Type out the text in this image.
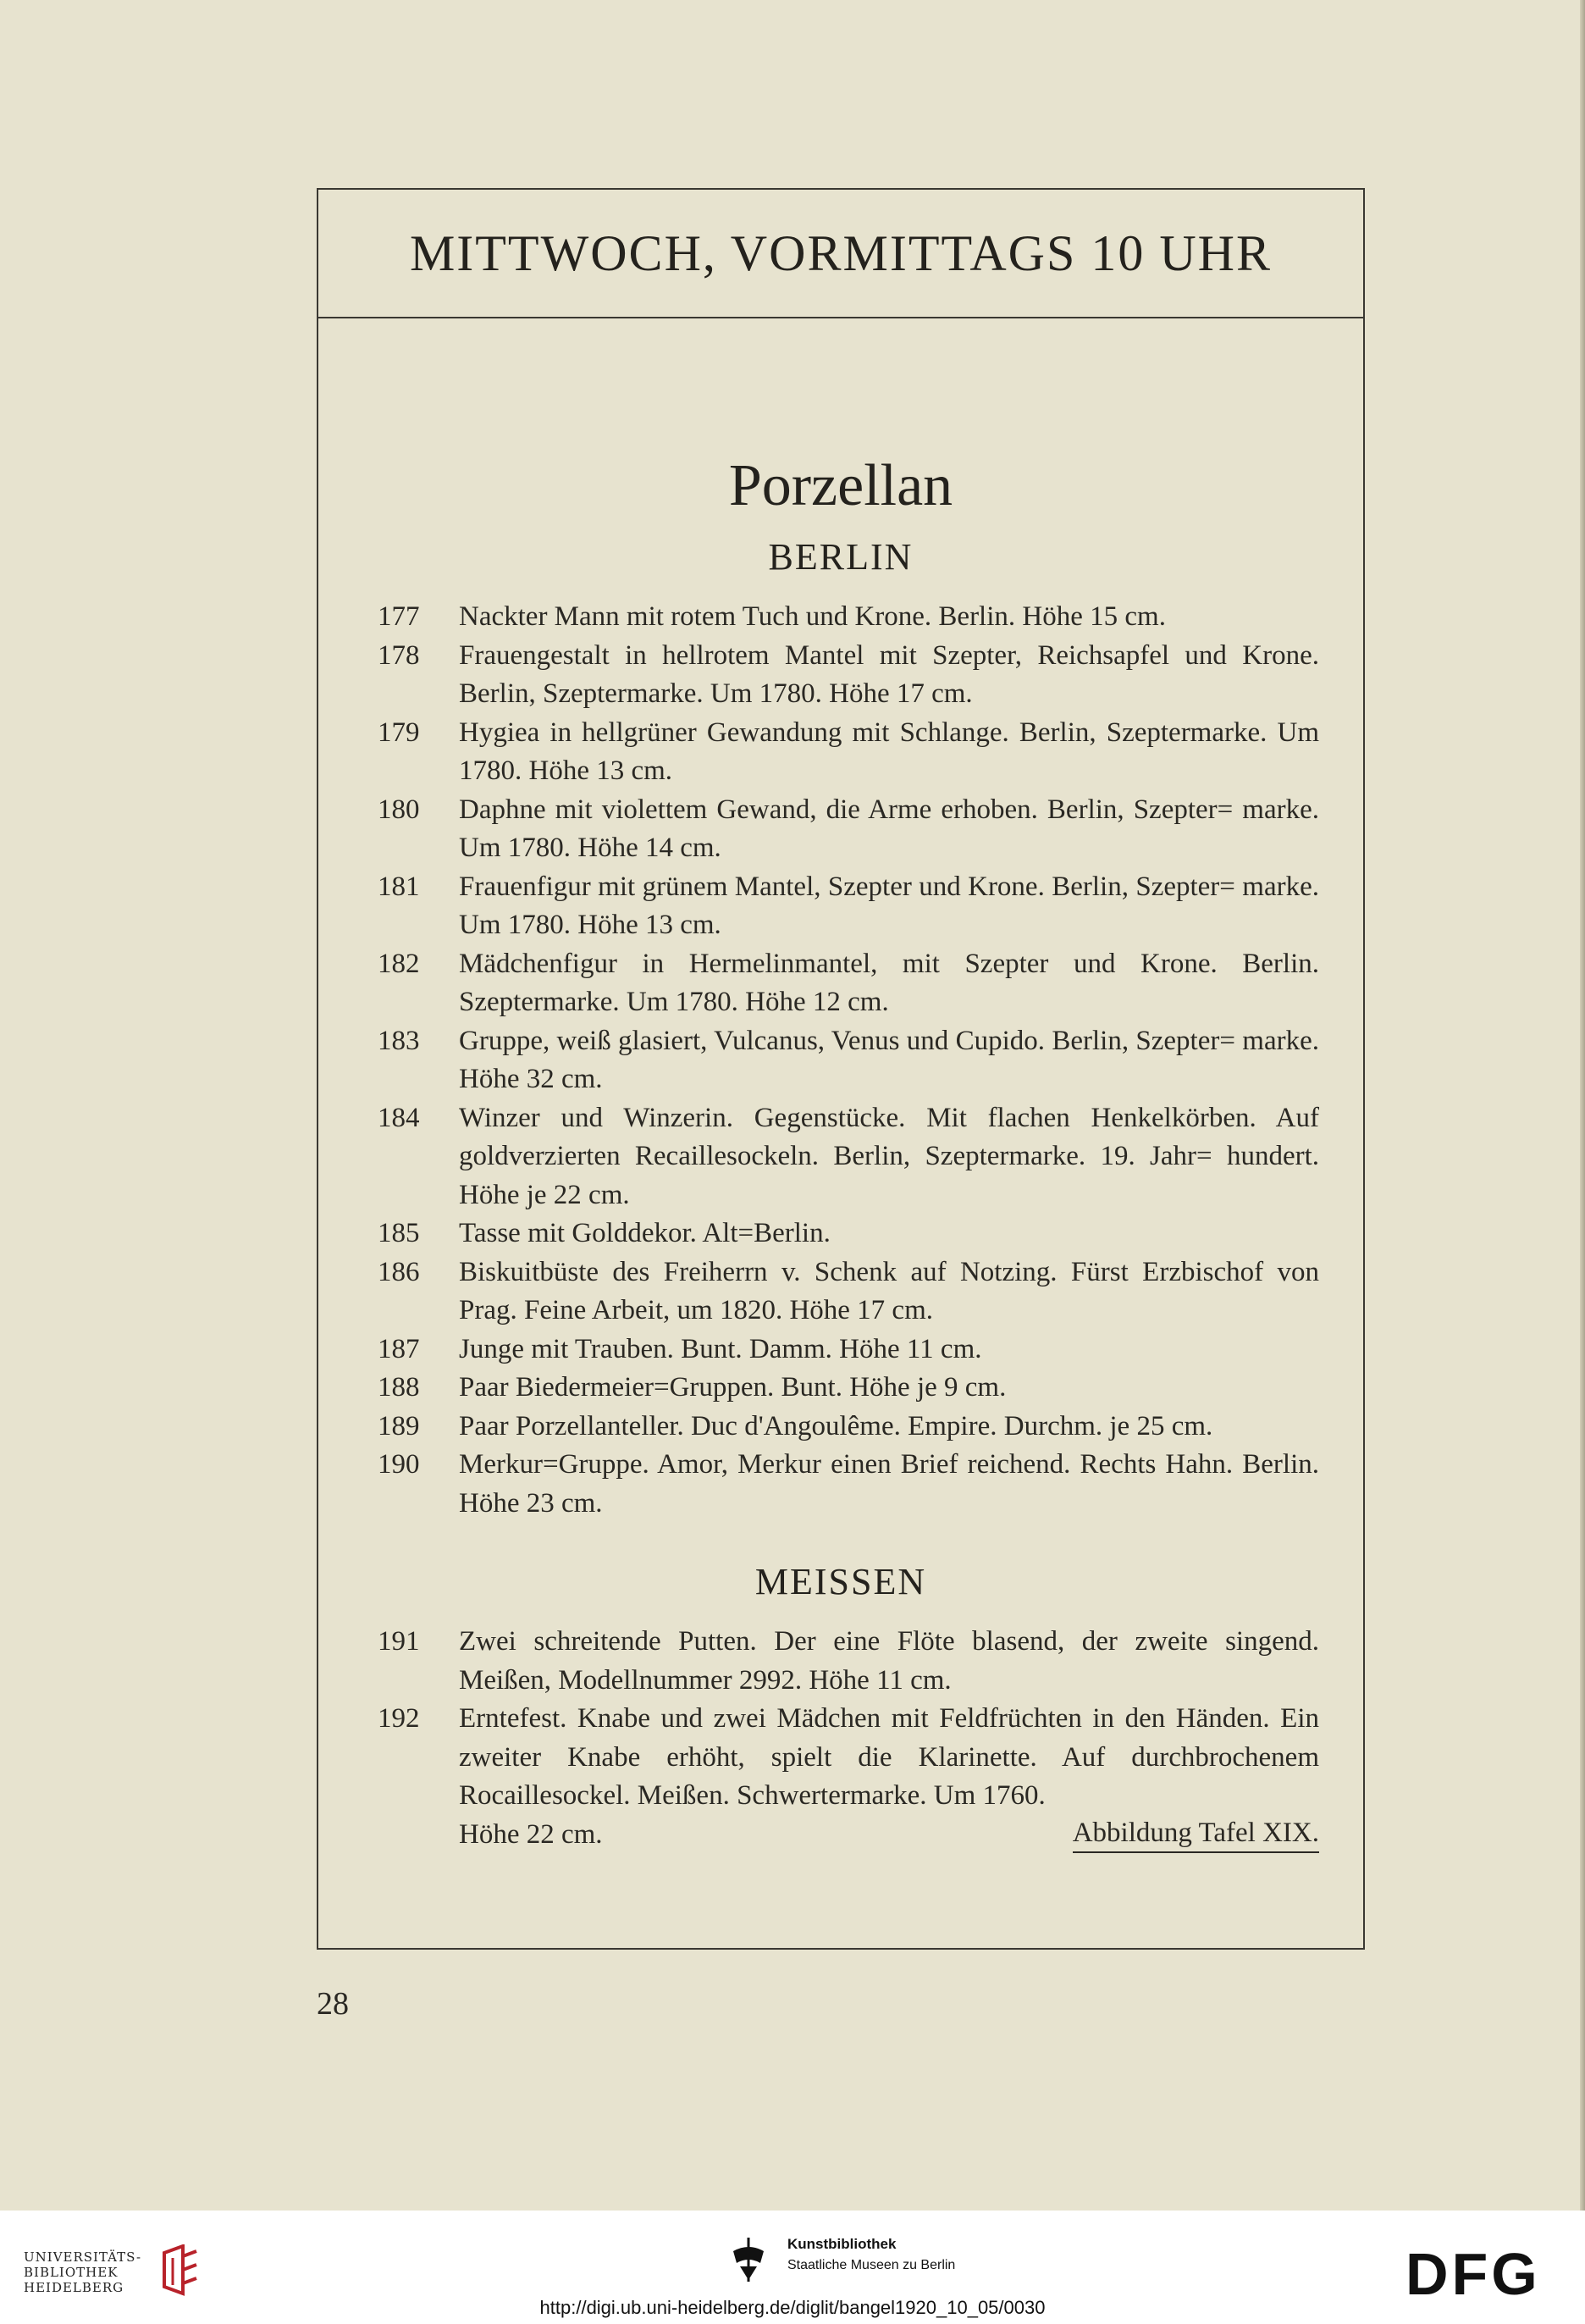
MITTWOCH, VORMITTAGS 10 UHR
Porzellan
BERLIN
177	Nackter Mann mit rotem Tuch und Krone. Berlin. Höhe 15 cm.
178	Frauengestalt in hellrotem Mantel mit Szepter, Reichsapfel und Krone. Berlin, Szeptermarke. Um 1780. Höhe 17 cm.
179	Hygiea in hellgrüner Gewandung mit Schlange. Berlin, Szeptermarke. Um 1780. Höhe 13 cm.
180	Daphne mit violettem Gewand, die Arme erhoben. Berlin, Szepter= marke. Um 1780. Höhe 14 cm.
181	Frauenfigur mit grünem Mantel, Szepter und Krone. Berlin, Szepter= marke. Um 1780. Höhe 13 cm.
182	Mädchenfigur in Hermelinmantel, mit Szepter und Krone. Berlin. Szeptermarke. Um 1780. Höhe 12 cm.
183	Gruppe, weiß glasiert, Vulcanus, Venus und Cupido. Berlin, Szepter= marke. Höhe 32 cm.
184	Winzer und Winzerin. Gegenstücke. Mit flachen Henkelkörben. Auf goldverzierten Recaillesockeln. Berlin, Szeptermarke. 19. Jahr= hundert. Höhe je 22 cm.
185	Tasse mit Golddekor. Alt=Berlin.
186	Biskuitbüste des Freiherrn v. Schenk auf Notzing. Fürst Erzbischof von Prag. Feine Arbeit, um 1820. Höhe 17 cm.
187	Junge mit Trauben. Bunt. Damm. Höhe 11 cm.
188	Paar Biedermeier=Gruppen. Bunt. Höhe je 9 cm.
189	Paar Porzellanteller. Duc d'Angoulême. Empire. Durchm. je 25 cm.
190	Merkur=Gruppe. Amor, Merkur einen Brief reichend. Rechts Hahn. Berlin. Höhe 23 cm.
MEISSEN
191	Zwei schreitende Putten. Der eine Flöte blasend, der zweite singend. Meißen, Modellnummer 2992. Höhe 11 cm.
192	Erntefest. Knabe und zwei Mädchen mit Feldfrüchten in den Händen. Ein zweiter Knabe erhöht, spielt die Klarinette. Auf durchbrochenem Rocaillesockel. Meißen. Schwertermarke. Um 1760.
Höhe 22 cm.	Abbildung Tafel XIX.
28
UNIVERSITÄTS-
BIBLIOTHEK
HEIDELBERG
Kunstbibliothek
Staatliche Museen zu Berlin	DFG
http://digi.ub.uni-heidelberg.de/diglit/bangel1920_10_05/0030
